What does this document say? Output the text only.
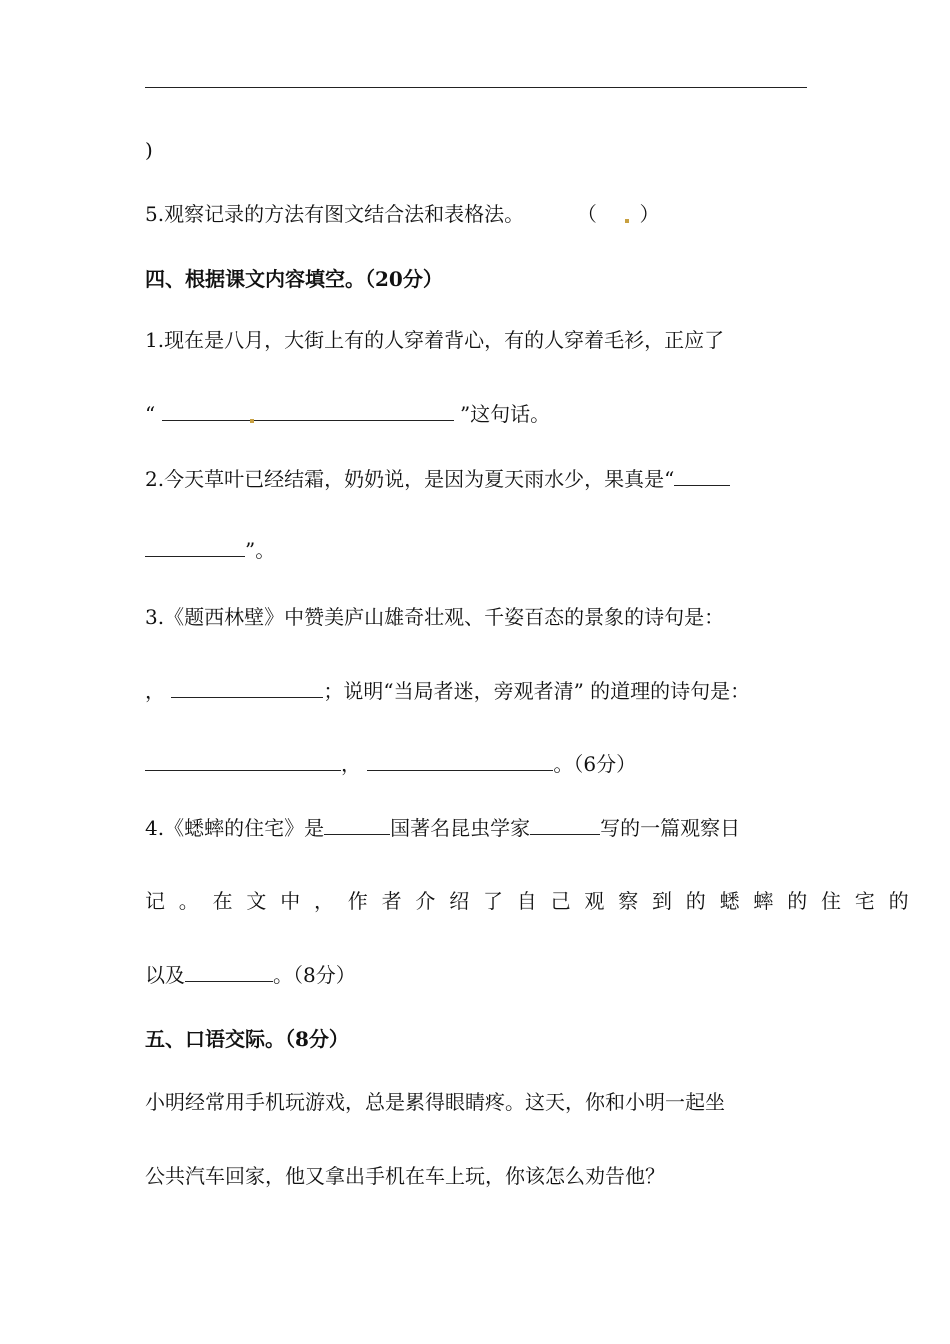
)
5.观察记录的方法有图文结合法和表格法。	（ ）
四、根据课文内容填空。（20分）
1.现在是八月，大街上有的人穿着背心，有的人穿着毛衫，正应了
“	”这句话。
2.今天草叶已经结霜，奶奶说，是因为夏天雨水少，果真是“
”。
3.《题西林壁》中赞美庐山雄奇壮观、千姿百态的景象的诗句是：
，	；说明“当局者迷，旁观者清” 的道理的诗句是：
，	。（6分）
4.《蟋蟀的住宅》是	国著名昆虫学家	写的一篇观察日
记。在文中，作者介绍了自己观察到的蟋蟀的住宅的
以及	。（8分）
五、口语交际。（8分）
小明经常用手机玩游戏，总是累得眼睛疼。这天，你和小明一起坐
公共汽车回家，他又拿出手机在车上玩，你该怎么劝告他？
